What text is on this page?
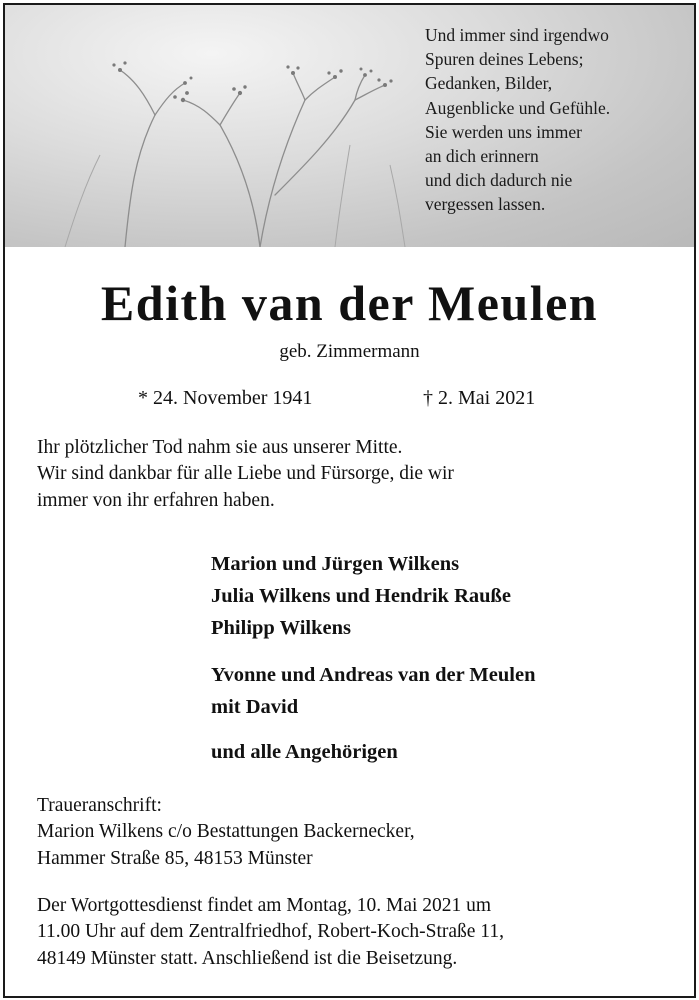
Und immer sind irgendwo
Spuren deines Lebens;
Gedanken, Bilder,
Augenblicke und Gefühle.
Sie werden uns immer
an dich erinnern
und dich dadurch nie
vergessen lassen.
Edith van der Meulen
geb. Zimmermann
* 24. November 1941	† 2. Mai 2021
Ihr plötzlicher Tod nahm sie aus unserer Mitte.
Wir sind dankbar für alle Liebe und Fürsorge, die wir
immer von ihr erfahren haben.
Marion und Jürgen Wilkens
Julia Wilkens und Hendrik Rauße
Philipp Wilkens
Yvonne und Andreas van der Meulen
mit David
und alle Angehörigen
Traueranschrift:
Marion Wilkens c/o Bestattungen Backernecker,
Hammer Straße 85, 48153 Münster
Der Wortgottesdienst findet am Montag, 10. Mai 2021 um
11.00 Uhr auf dem Zentralfriedhof, Robert-Koch-Straße 11,
48149 Münster statt. Anschließend ist die Beisetzung.
